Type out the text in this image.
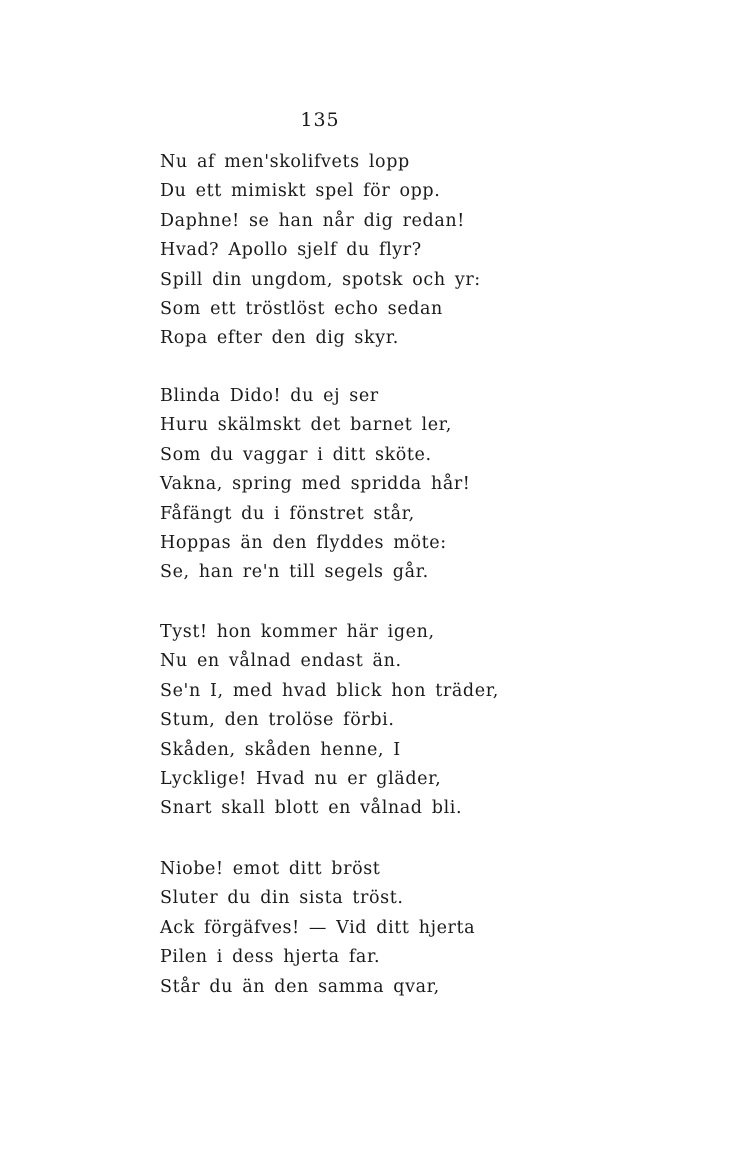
135
Nu af men'skolifvets lopp
Du ett mimiskt spel för opp.
Daphne! se han når dig redan!
Hvad? Apollo sjelf du flyr?
Spill din ungdom, spotsk och yr:
Som ett tröstlöst echo sedan
Ropa efter den dig skyr.
Blinda Dido! du ej ser
Huru skälmskt det barnet ler,
Som du vaggar i ditt sköte.
Vakna, spring med spridda hår!
Fåfängt du i fönstret står,
Hoppas än den flyddes möte:
Se, han re'n till segels går.
Tyst! hon kommer här igen,
Nu en vålnad endast än.
Se'n I, med hvad blick hon träder,
Stum, den trolöse förbi.
Skåden, skåden henne, I
Lycklige! Hvad nu er gläder,
Snart skall blott en vålnad bli.
Niobe! emot ditt bröst
Sluter du din sista tröst.
Ack förgäfves! — Vid ditt hjerta
Pilen i dess hjerta far.
Står du än den samma qvar,
